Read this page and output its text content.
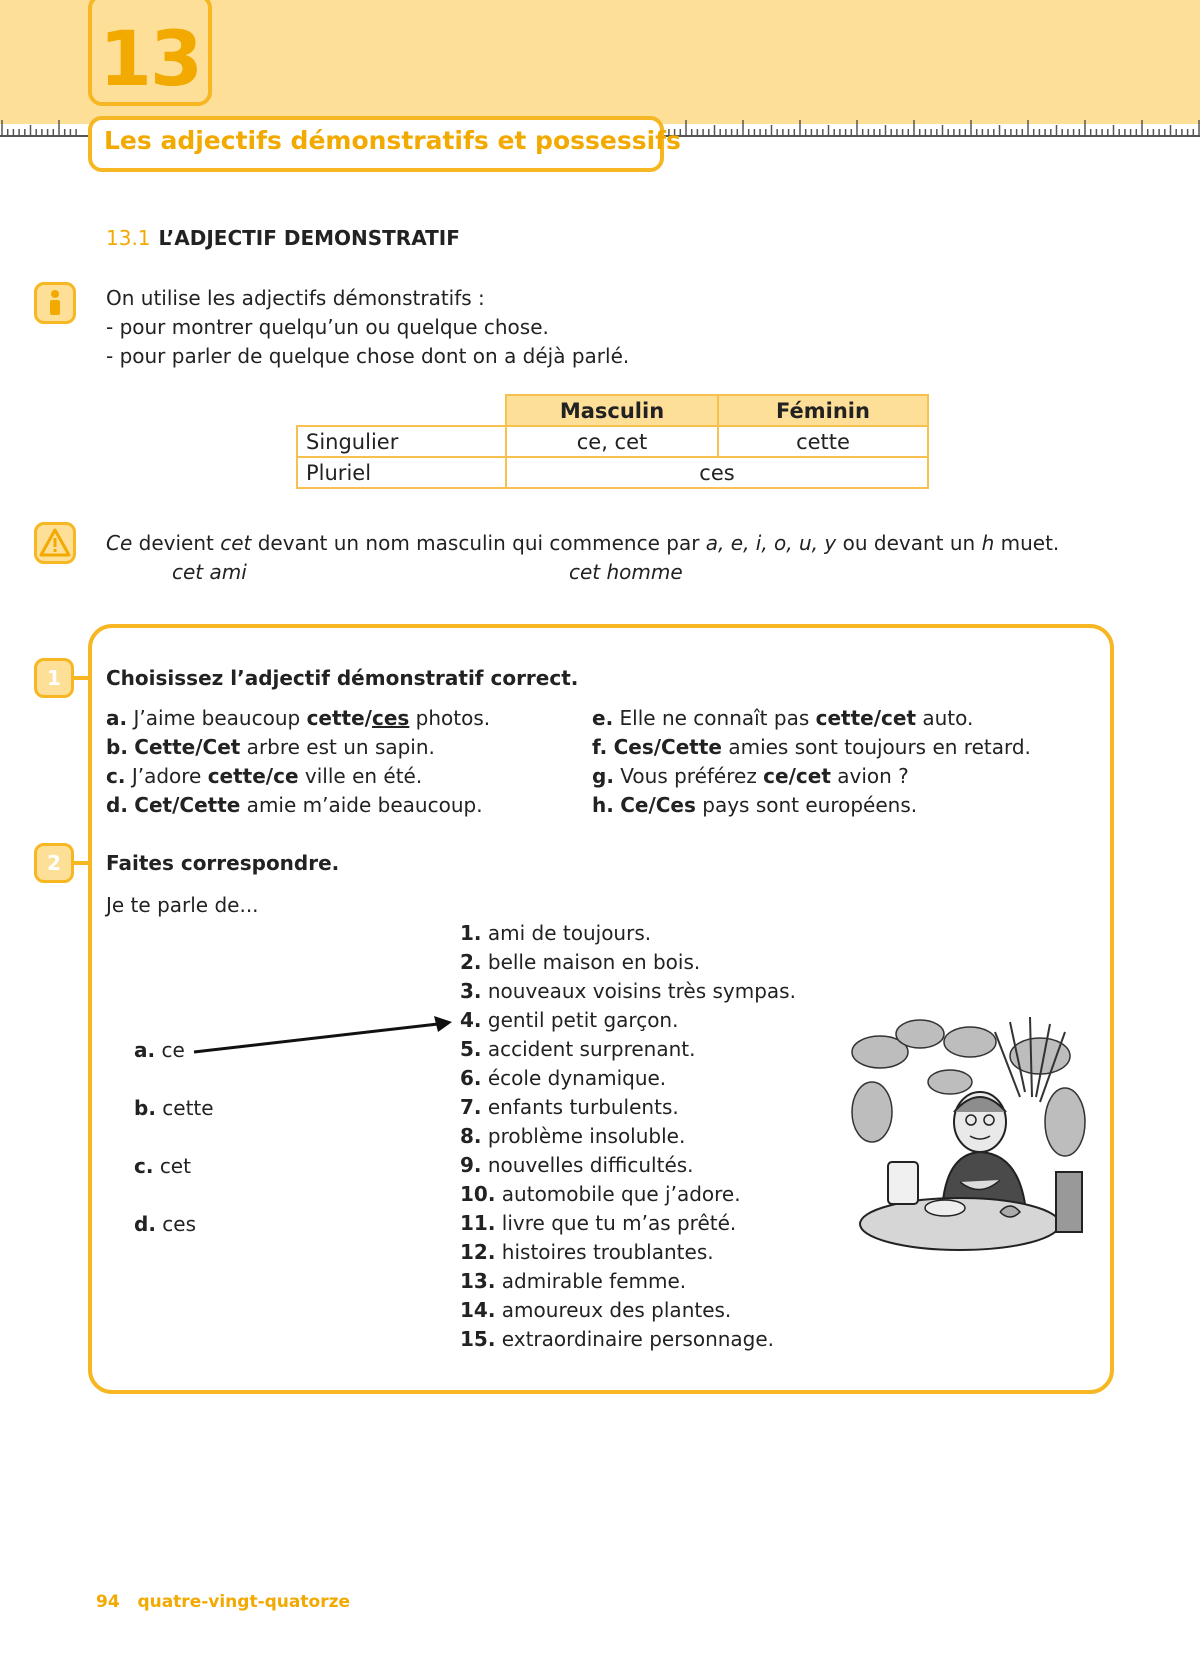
13
Les adjectifs démonstratifs et possessifs
13.1 L’ADJECTIF DEMONSTRATIF
On utilise les adjectifs démonstratifs :
- pour montrer quelqu’un ou quelque chose.
- pour parler de quelque chose dont on a déjà parlé.
	Masculin	Féminin
Singulier	ce, cet	cette
Pluriel	ces	
Ce devient cet devant un nom masculin qui commence par a, e, i, o, u, y ou devant un h muet.
cet ami	cet homme
1	Choisissez l’adjectif démonstratif correct.
a. J’aime beaucoup cette/ces photos.
b. Cette/Cet arbre est un sapin.
c. J’adore cette/ce ville en été.
d. Cet/Cette amie m’aide beaucoup.
e. Elle ne connaît pas cette/cet auto.
f. Ces/Cette amies sont toujours en retard.
g. Vous préférez ce/cet avion ?
h. Ce/Ces pays sont européens.
2	Faites correspondre.
Je te parle de...
a. ce
b. cette
c. cet
d. ces
1. ami de toujours.
2. belle maison en bois.
3. nouveaux voisins très sympas.
4. gentil petit garçon.
5. accident surprenant.
6. école dynamique.
7. enfants turbulents.
8. problème insoluble.
9. nouvelles difficultés.
10. automobile que j’adore.
11. livre que tu m’as prêté.
12. histoires troublantes.
13. admirable femme.
14. amoureux des plantes.
15. extraordinaire personnage.
94 quatre-vingt-quatorze
